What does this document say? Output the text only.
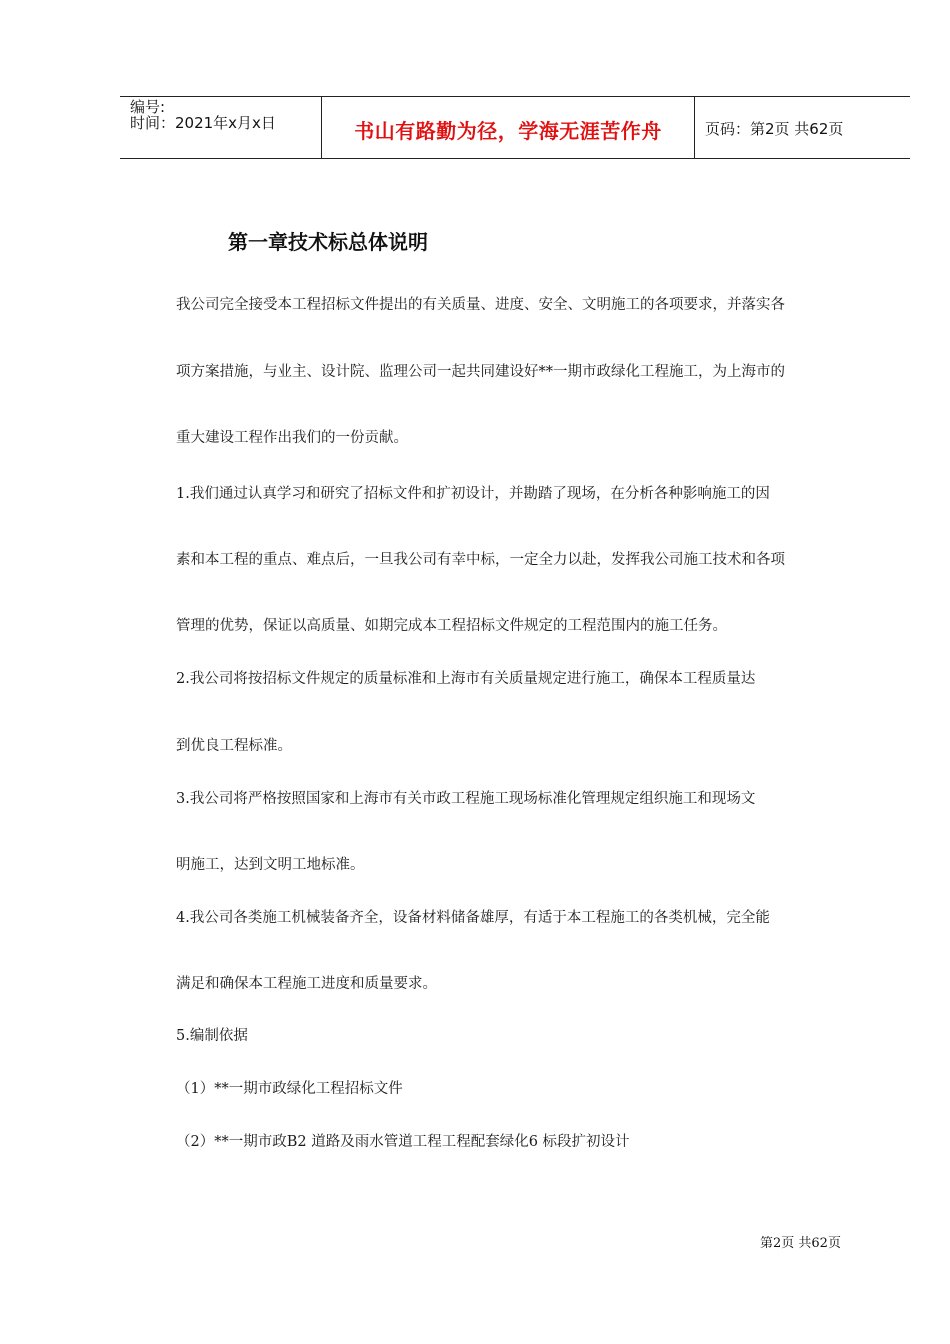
编号:
时间：2021年x月x日	书山有路勤为径，学海无涯苦作舟	页码：第2页 共62页
第一章技术标总体说明
我公司完全接受本工程招标文件提出的有关质量、进度、安全、文明施工的各项要求，并落实各
项方案措施，与业主、设计院、监理公司一起共同建设好**一期市政绿化工程施工，为上海市的
重大建设工程作出我们的一份贡献。
1.我们通过认真学习和研究了招标文件和扩初设计，并勘踏了现场，在分析各种影响施工的因
素和本工程的重点、难点后，一旦我公司有幸中标，一定全力以赴，发挥我公司施工技术和各项
管理的优势，保证以高质量、如期完成本工程招标文件规定的工程范围内的施工任务。
2.我公司将按招标文件规定的质量标准和上海市有关质量规定进行施工，确保本工程质量达
到优良工程标准。
3.我公司将严格按照国家和上海市有关市政工程施工现场标准化管理规定组织施工和现场文
明施工，达到文明工地标准。
4.我公司各类施工机械装备齐全，设备材料储备雄厚，有适于本工程施工的各类机械，完全能
满足和确保本工程施工进度和质量要求。
5.编制依据
（1）**一期市政绿化工程招标文件
（2）**一期市政B2 道路及雨水管道工程工程配套绿化6 标段扩初设计
第2页 共62页
